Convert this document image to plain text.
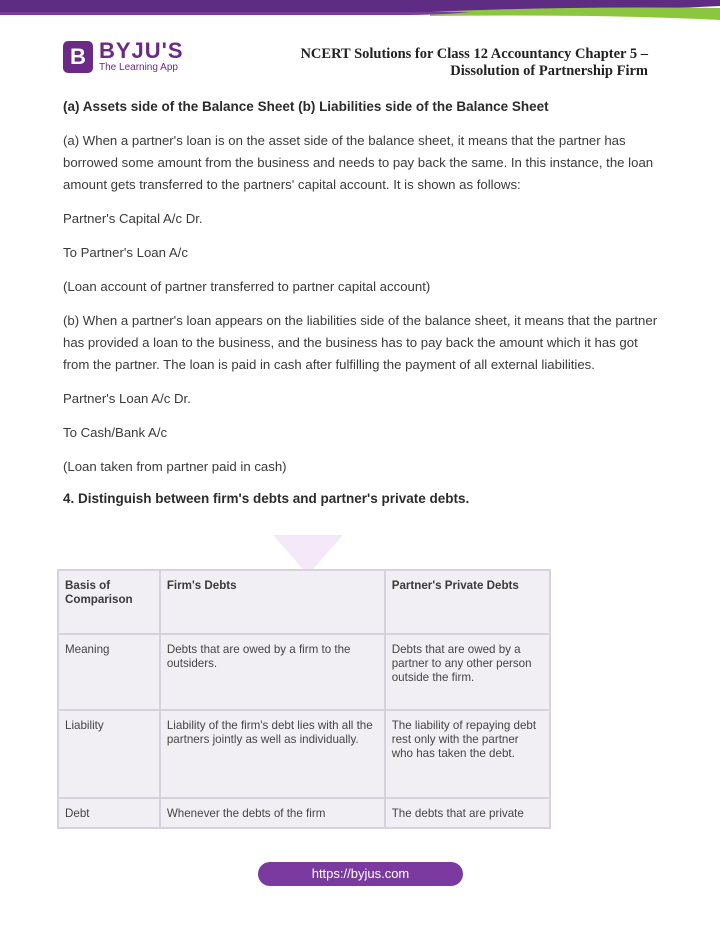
B BYJU'S
The Learning App
NCERT Solutions for Class 12 Accountancy Chapter 5 –
Dissolution of Partnership Firm

(a) Assets side of the Balance Sheet (b) Liabilities side of the Balance Sheet

(a) When a partner's loan is on the asset side of the balance sheet, it means that the partner has borrowed some amount from the business and needs to pay back the same. In this instance, the loan amount gets transferred to the partners' capital account. It is shown as follows:

Partner's Capital A/c Dr.

To Partner's Loan A/c

(Loan account of partner transferred to partner capital account)

(b) When a partner's loan appears on the liabilities side of the balance sheet, it means that the partner has provided a loan to the business, and the business has to pay back the amount which it has got from the partner. The loan is paid in cash after fulfilling the payment of all external liabilities.

Partner's Loan A/c Dr.

To Cash/Bank A/c

(Loan taken from partner paid in cash)

4. Distinguish between firm's debts and partner's private debts.

Basis of Comparison	Firm's Debts	Partner's Private Debts
Meaning	Debts that are owed by a firm to the outsiders.	Debts that are owed by a partner to any other person outside the firm.
Liability	Liability of the firm's debt lies with all the partners jointly as well as individually.	The liability of repaying debt rest only with the partner who has taken the debt.
Debt	Whenever the debts of the firm	The debts that are private
https://byjus.com
